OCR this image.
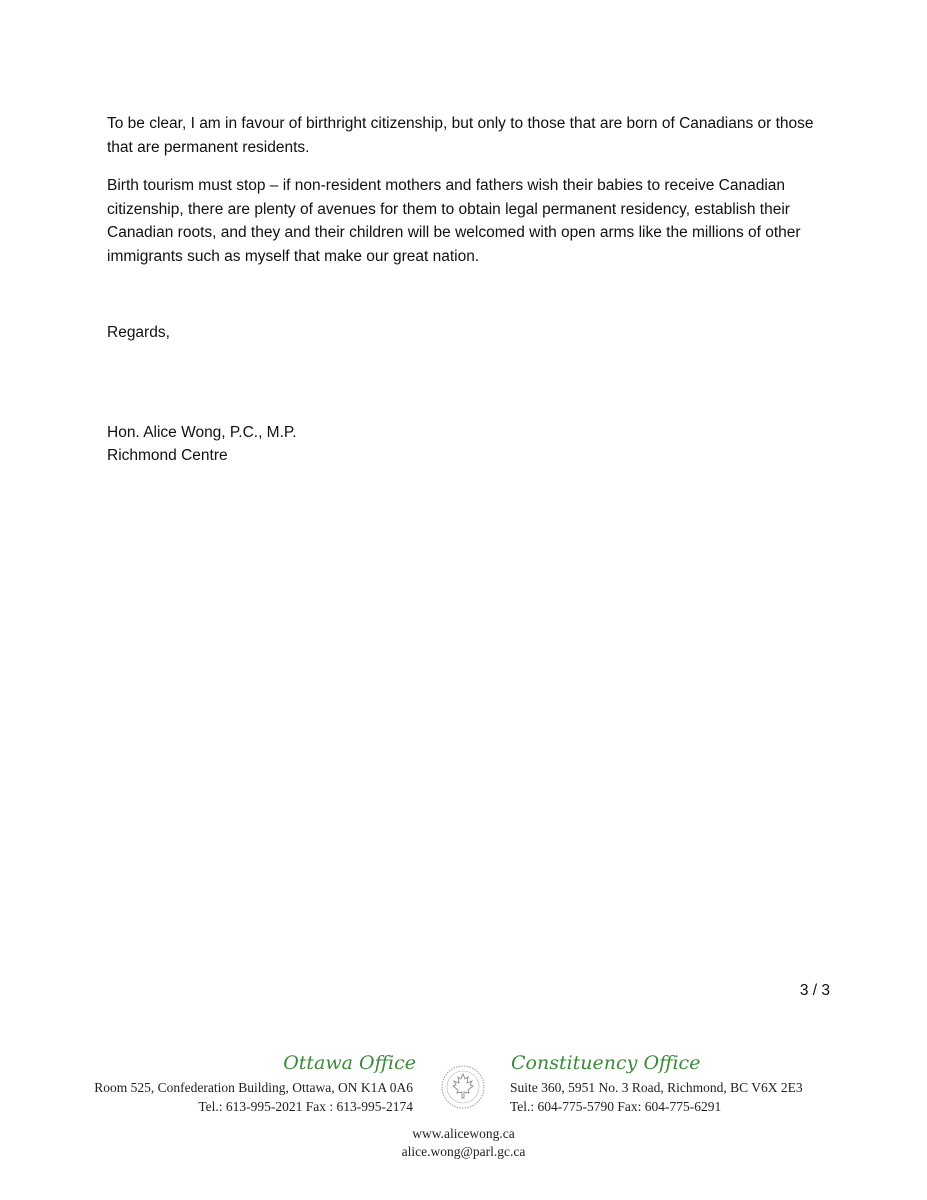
To be clear, I am in favour of birthright citizenship, but only to those that are born of Canadians or those that are permanent residents.

Birth tourism must stop – if non-resident mothers and fathers wish their babies to receive Canadian citizenship, there are plenty of avenues for them to obtain legal permanent residency, establish their Canadian roots, and they and their children will be welcomed with open arms like the millions of other immigrants such as myself that make our great nation.

Regards,

Hon. Alice Wong, P.C., M.P.

Richmond Centre

3 / 3
Ottawa Office
Room 525, Confederation Building, Ottawa, ON K1A 0A6
Tel.: 613-995-2021 Fax : 613-995-2174
Constituency Office
Suite 360, 5951 No. 3 Road, Richmond, BC V6X 2E3
Tel.: 604-775-5790 Fax: 604-775-6291
www.alicewong.ca
alice.wong@parl.gc.ca
